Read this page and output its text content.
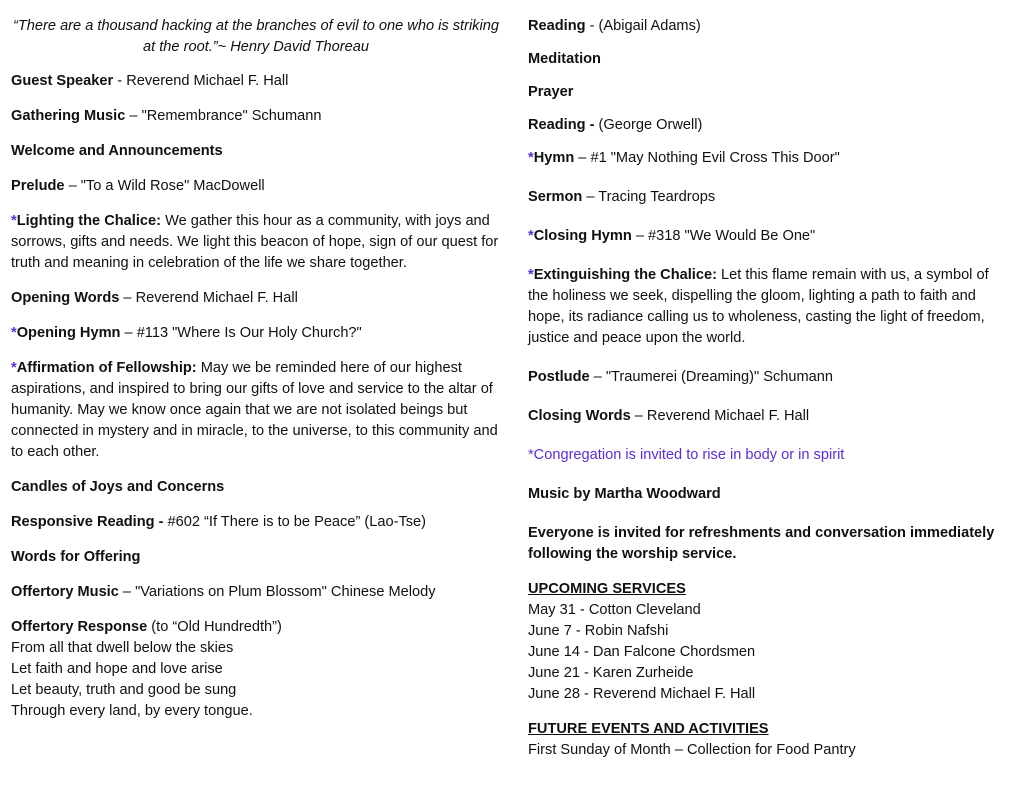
“There are a thousand hacking at the branches of evil to one who is striking at the root.”~ Henry David Thoreau
Guest Speaker - Reverend Michael F. Hall
Gathering Music – "Remembrance" Schumann
Welcome and Announcements
Prelude – "To a Wild Rose" MacDowell
*Lighting the Chalice: We gather this hour as a community, with joys and sorrows, gifts and needs. We light this beacon of hope, sign of our quest for truth and meaning in celebration of the life we share together.
Opening Words – Reverend Michael F. Hall
*Opening Hymn – #113 "Where Is Our Holy Church?"
*Affirmation of Fellowship: May we be reminded here of our highest aspirations, and inspired to bring our gifts of love and service to the altar of humanity. May we know once again that we are not isolated beings but connected in mystery and in miracle, to the universe, to this community and to each other.
Candles of Joys and Concerns
Responsive Reading - #602 “If There is to be Peace” (Lao-Tse)
Words for Offering
Offertory Music – "Variations on Plum Blossom" Chinese Melody
Offertory Response (to “Old Hundredth”)
From all that dwell below the skies
Let faith and hope and love arise
Let beauty, truth and good be sung
Through every land, by every tongue.
Reading - (Abigail Adams)
Meditation
Prayer
Reading - (George Orwell)
*Hymn – #1 "May Nothing Evil Cross This Door"
Sermon – Tracing Teardrops
*Closing Hymn – #318 "We Would Be One"
*Extinguishing the Chalice: Let this flame remain with us, a symbol of the holiness we seek, dispelling the gloom, lighting a path to faith and hope, its radiance calling us to wholeness, casting the light of freedom, justice and peace upon the world.
Postlude – "Traumerei (Dreaming)" Schumann
Closing Words – Reverend Michael F. Hall
*Congregation is invited to rise in body or in spirit
Music by Martha Woodward
Everyone is invited for refreshments and conversation immediately following the worship service.
UPCOMING SERVICES
May 31 - Cotton Cleveland
June 7 - Robin Nafshi
June 14 - Dan Falcone Chordsmen
June 21 - Karen Zurheide
June 28 - Reverend Michael F. Hall
FUTURE EVENTS AND ACTIVITIES
First Sunday of Month – Collection for Food Pantry
